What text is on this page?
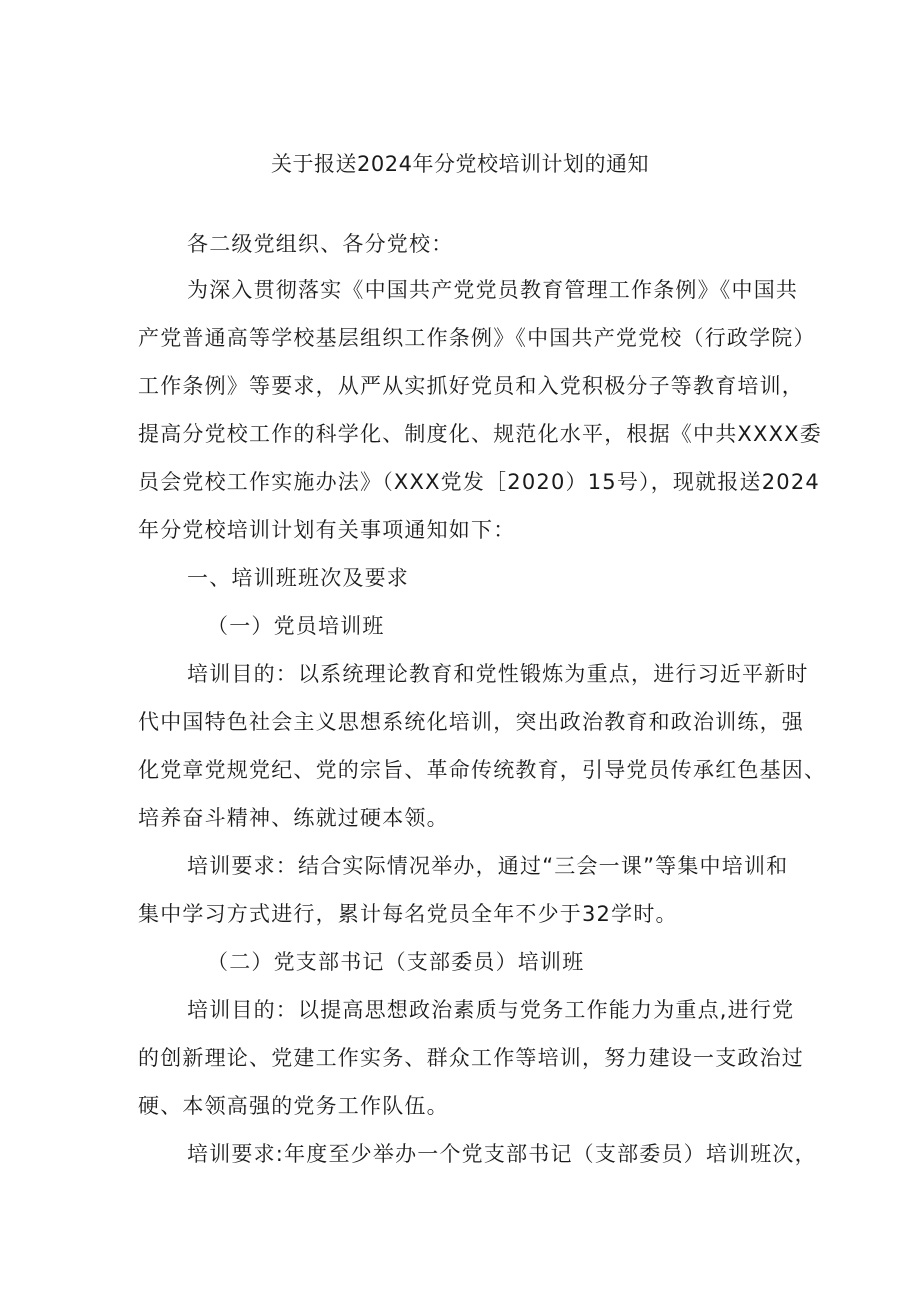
关于报送2024年分党校培训计划的通知
各二级党组织、各分党校：
为深入贯彻落实《中国共产党党员教育管理工作条例》《中国共
产党普通高等学校基层组织工作条例》《中国共产党党校（行政学院）
工作条例》等要求，从严从实抓好党员和入党积极分子等教育培训，
提高分党校工作的科学化、制度化、规范化水平，根据《中共XXXX委
员会党校工作实施办法》（XXX党发［2020）15号），现就报送2024
年分党校培训计划有关事项通知如下：
一、培训班班次及要求
（一）党员培训班
培训目的：以系统理论教育和党性锻炼为重点，进行习近平新时
代中国特色社会主义思想系统化培训，突出政治教育和政治训练，强
化党章党规党纪、党的宗旨、革命传统教育，引导党员传承红色基因、
培养奋斗精神、练就过硬本领。
培训要求：结合实际情况举办，通过“三会一课”等集中培训和
集中学习方式进行，累计每名党员全年不少于32学时。
（二）党支部书记（支部委员）培训班
培训目的：以提高思想政治素质与党务工作能力为重点,进行党
的创新理论、党建工作实务、群众工作等培训，努力建设一支政治过
硬、本领高强的党务工作队伍。
培训要求:年度至少举办一个党支部书记（支部委员）培训班次，
